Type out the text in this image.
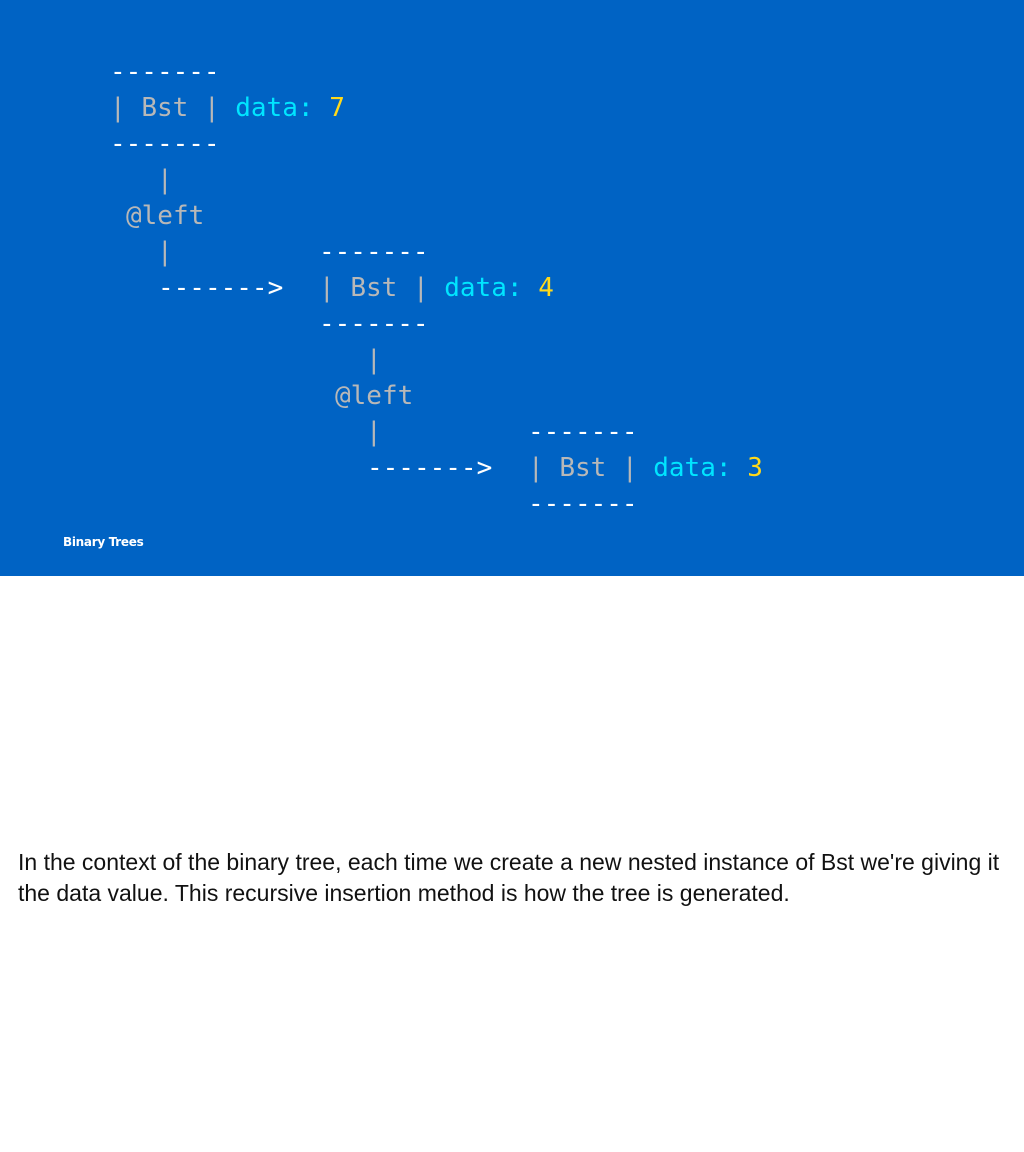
-------
| Bst | data: 7
-------
|
@left
|
------->
-------
| Bst | data: 4
-------
|
@left
|
------->
-------
| Bst | data: 3
-------
Binary Trees

In the context of the binary tree, each time we create a new nested instance of Bst we're giving it the data value. This recursive insertion method is how the tree is generated.
